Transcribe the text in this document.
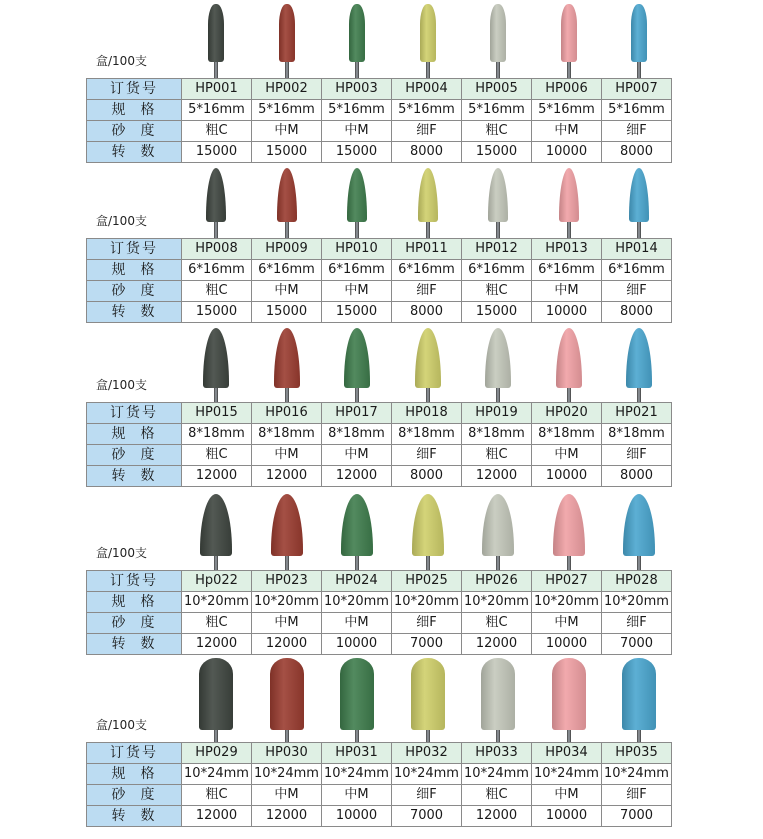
盒/100支
订货号	HP001	HP002	HP003	HP004	HP005	HP006	HP007
规  格	5*16mm	5*16mm	5*16mm	5*16mm	5*16mm	5*16mm	5*16mm
砂  度	粗C	中M	中M	细F	粗C	中M	细F
转  数	15000	15000	15000	8000	15000	10000	8000
盒/100支
订货号	HP008	HP009	HP010	HP011	HP012	HP013	HP014
规  格	6*16mm	6*16mm	6*16mm	6*16mm	6*16mm	6*16mm	6*16mm
砂  度	粗C	中M	中M	细F	粗C	中M	细F
转  数	15000	15000	15000	8000	15000	10000	8000
盒/100支
订货号	HP015	HP016	HP017	HP018	HP019	HP020	HP021
规  格	8*18mm	8*18mm	8*18mm	8*18mm	8*18mm	8*18mm	8*18mm
砂  度	粗C	中M	中M	细F	粗C	中M	细F
转  数	12000	12000	12000	8000	12000	10000	8000
盒/100支
订货号	Hp022	HP023	HP024	HP025	HP026	HP027	HP028
规  格	10*20mm	10*20mm	10*20mm	10*20mm	10*20mm	10*20mm	10*20mm
砂  度	粗C	中M	中M	细F	粗C	中M	细F
转  数	12000	12000	10000	7000	12000	10000	7000
盒/100支
订货号	HP029	HP030	HP031	HP032	HP033	HP034	HP035
规  格	10*24mm	10*24mm	10*24mm	10*24mm	10*24mm	10*24mm	10*24mm
砂  度	粗C	中M	中M	细F	粗C	中M	细F
转  数	12000	12000	10000	7000	12000	10000	7000
